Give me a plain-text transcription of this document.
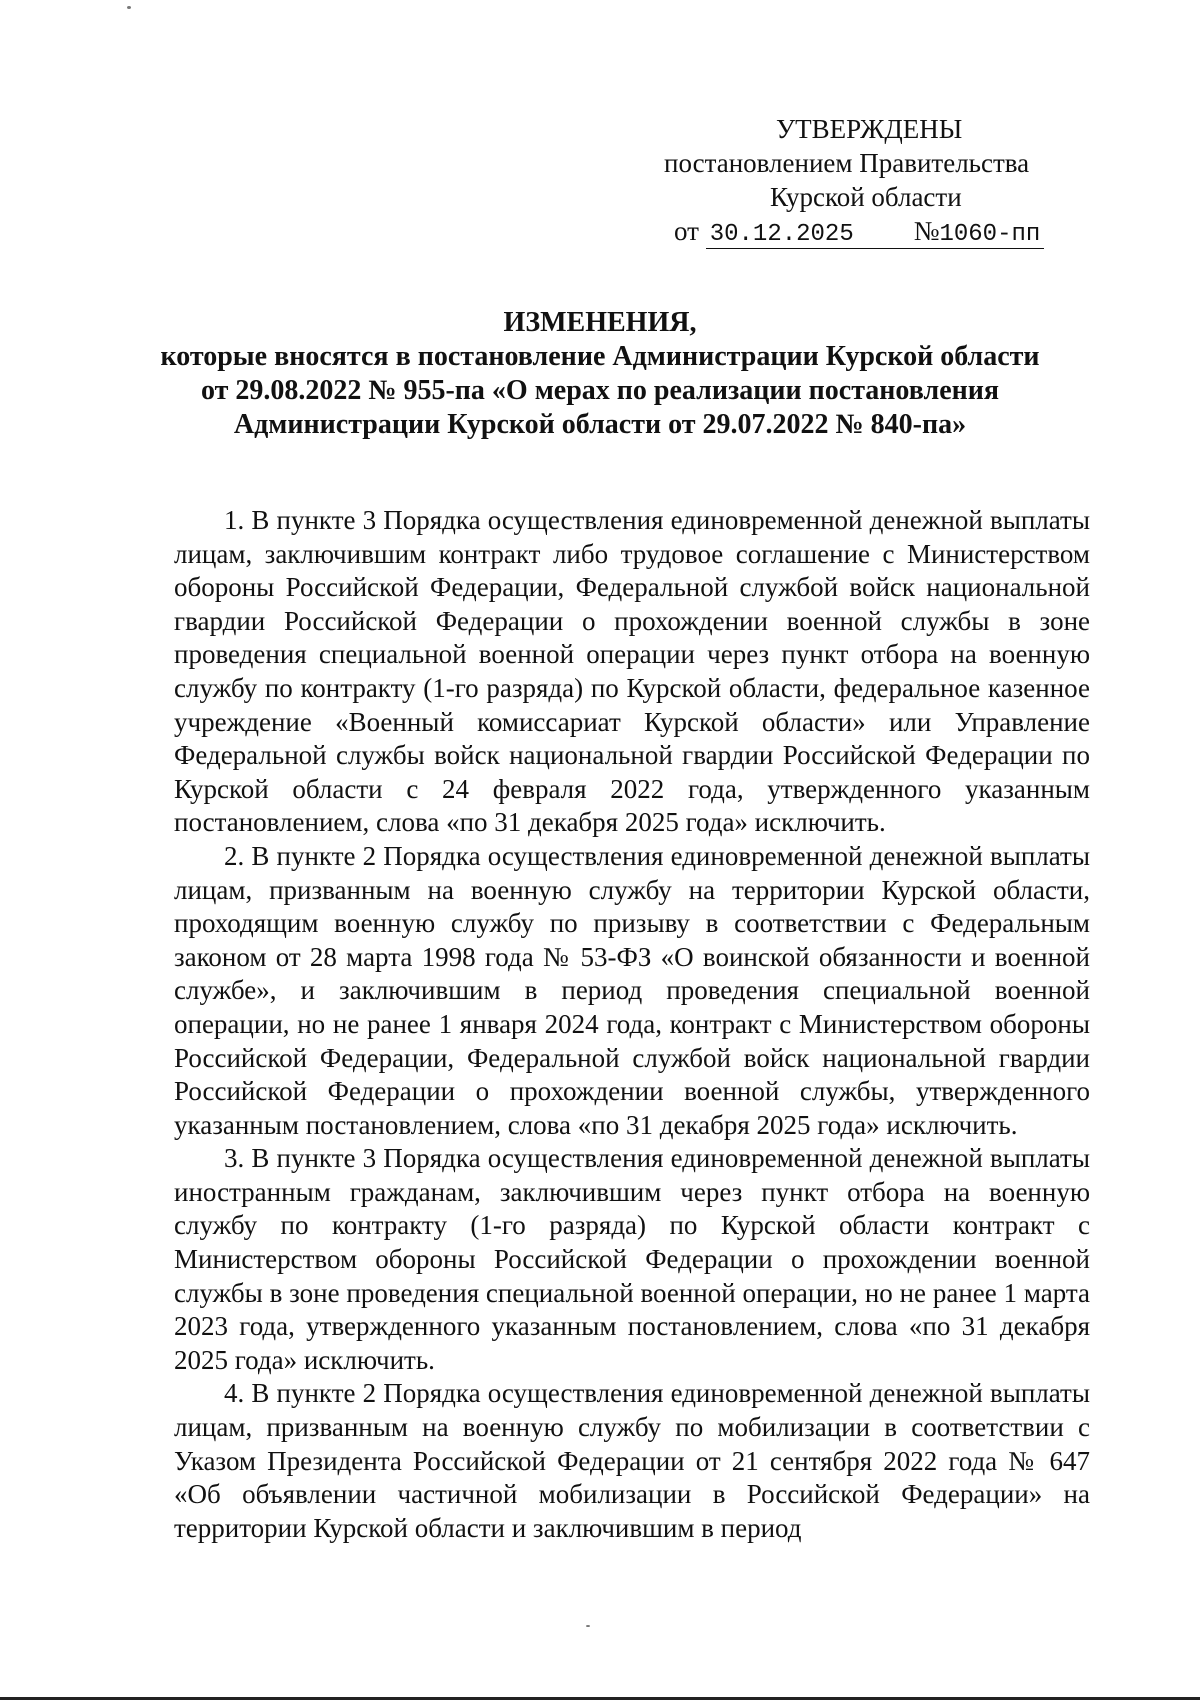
УТВЕРЖДЕНЫ
постановлением Правительства
Курской области
от 30.12.2025 №1060-пп
ИЗМЕНЕНИЯ,
которые вносятся в постановление Администрации Курской области
от 29.08.2022 № 955-па «О мерах по реализации постановления
Администрации Курской области от 29.07.2022 № 840-па»

1. В пункте 3 Порядка осуществления единовременной денежной выплаты лицам, заключившим контракт либо трудовое соглашение с Министерством обороны Российской Федерации, Федеральной службой войск национальной гвардии Российской Федерации о прохождении военной службы в зоне проведения специальной военной операции через пункт отбора на военную службу по контракту (1-го разряда) по Курской области, федеральное казенное учреждение «Военный комиссариат Курской области» или Управление Федеральной службы войск национальной гвардии Российской Федерации по Курской области с 24 февраля 2022 года, утвержденного указанным постановлением, слова «по 31 декабря 2025 года» исключить.

2. В пункте 2 Порядка осуществления единовременной денежной выплаты лицам, призванным на военную службу на территории Курской области, проходящим военную службу по призыву в соответствии с Федеральным законом от 28 марта 1998 года № 53-ФЗ «О воинской обязанности и военной службе», и заключившим в период проведения специальной военной операции, но не ранее 1 января 2024 года, контракт с Министерством обороны Российской Федерации, Федеральной службой войск национальной гвардии Российской Федерации о прохождении военной службы, утвержденного указанным постановлением, слова «по 31 декабря 2025 года» исключить.

3. В пункте 3 Порядка осуществления единовременной денежной выплаты иностранным гражданам, заключившим через пункт отбора на военную службу по контракту (1-го разряда) по Курской области контракт с Министерством обороны Российской Федерации о прохождении военной службы в зоне проведения специальной военной операции, но не ранее 1 марта 2023 года, утвержденного указанным постановлением, слова «по 31 декабря 2025 года» исключить.

4. В пункте 2 Порядка осуществления единовременной денежной выплаты лицам, призванным на военную службу по мобилизации в соответствии с Указом Президента Российской Федерации от 21 сентября 2022 года № 647 «Об объявлении частичной мобилизации в Российской Федерации» на территории Курской области и заключившим в период
